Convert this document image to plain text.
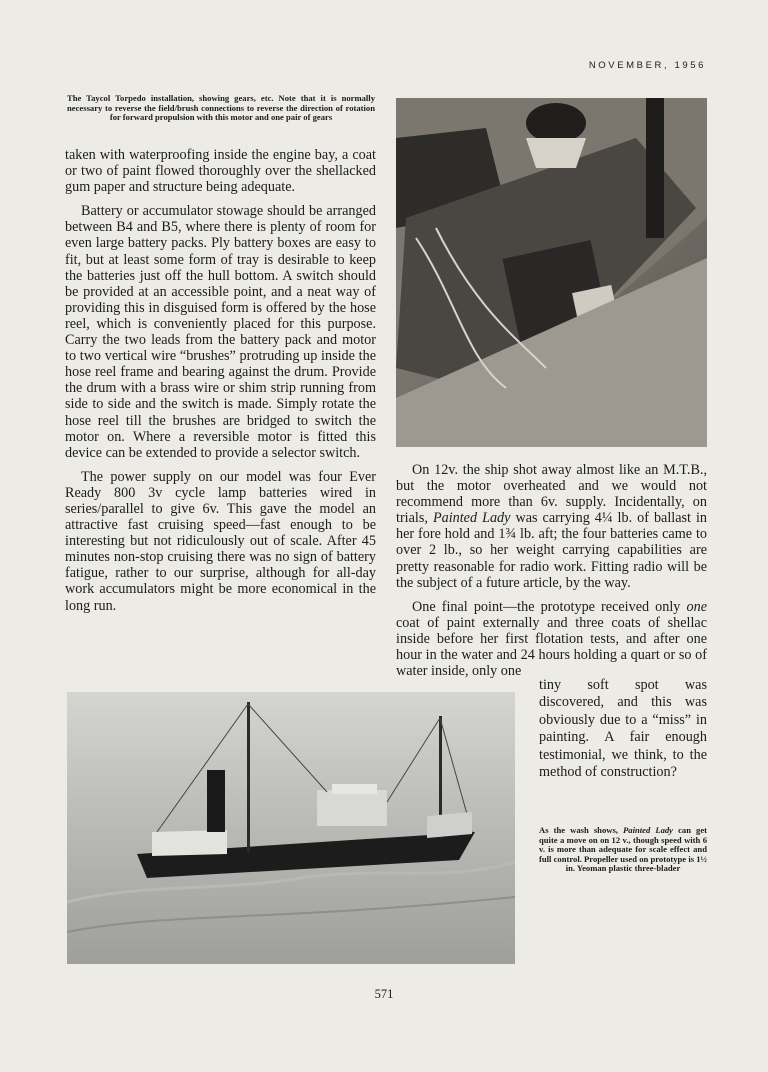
NOVEMBER, 1956
The Taycol Torpedo installation, showing gears, etc. Note that it is normally necessary to reverse the field/brush connections to reverse the direction of rotation for forward propulsion with this motor and one pair of gears

taken with waterproofing inside the engine bay, a coat or two of paint flowed thoroughly over the shellacked gum paper and structure being adequate.

Battery or accumulator stowage should be arranged between B4 and B5, where there is plenty of room for even large battery packs. Ply battery boxes are easy to fit, but at least some form of tray is desirable to keep the batteries just off the hull bottom. A switch should be provided at an accessible point, and a neat way of providing this in disguised form is offered by the hose reel, which is conveniently placed for this purpose. Carry the two leads from the battery pack and motor to two vertical wire “brushes” protruding up inside the hose reel frame and bearing against the drum. Provide the drum with a brass wire or shim strip running from side to side and the switch is made. Simply rotate the hose reel till the brushes are bridged to switch the motor on. Where a reversible motor is fitted this device can be extended to provide a selector switch.

The power supply on our model was four Ever Ready 800 3v cycle lamp batteries wired in series/parallel to give 6v. This gave the model an attractive fast cruising speed—fast enough to be interesting but not ridiculously out of scale. After 45 minutes non-stop cruising there was no sign of battery fatigue, rather to our surprise, although for all-day work accumulators might be more economical in the long run.

On 12v. the ship shot away almost like an M.T.B., but the motor overheated and we would not recommend more than 6v. supply. Incidentally, on trials, Painted Lady was carrying 4¼ lb. of ballast in her fore hold and 1¾ lb. aft; the four batteries came to over 2 lb., so her weight carrying capabilities are pretty reasonable for radio work. Fitting radio will be the subject of a future article, by the way.

One final point—the prototype received only one coat of paint externally and three coats of shellac inside before her first flotation tests, and after one hour in the water and 24 hours holding a quart or so of water inside, only one

tiny soft spot was discovered, and this was obviously due to a “miss” in painting. A fair enough testimonial, we think, to the method of construction?
As the wash shows, Painted Lady can get quite a move on on 12 v., though speed with 6 v. is more than adequate for scale effect and full control. Propeller used on prototype is 1½ in. Yeoman plastic three-blader
571
